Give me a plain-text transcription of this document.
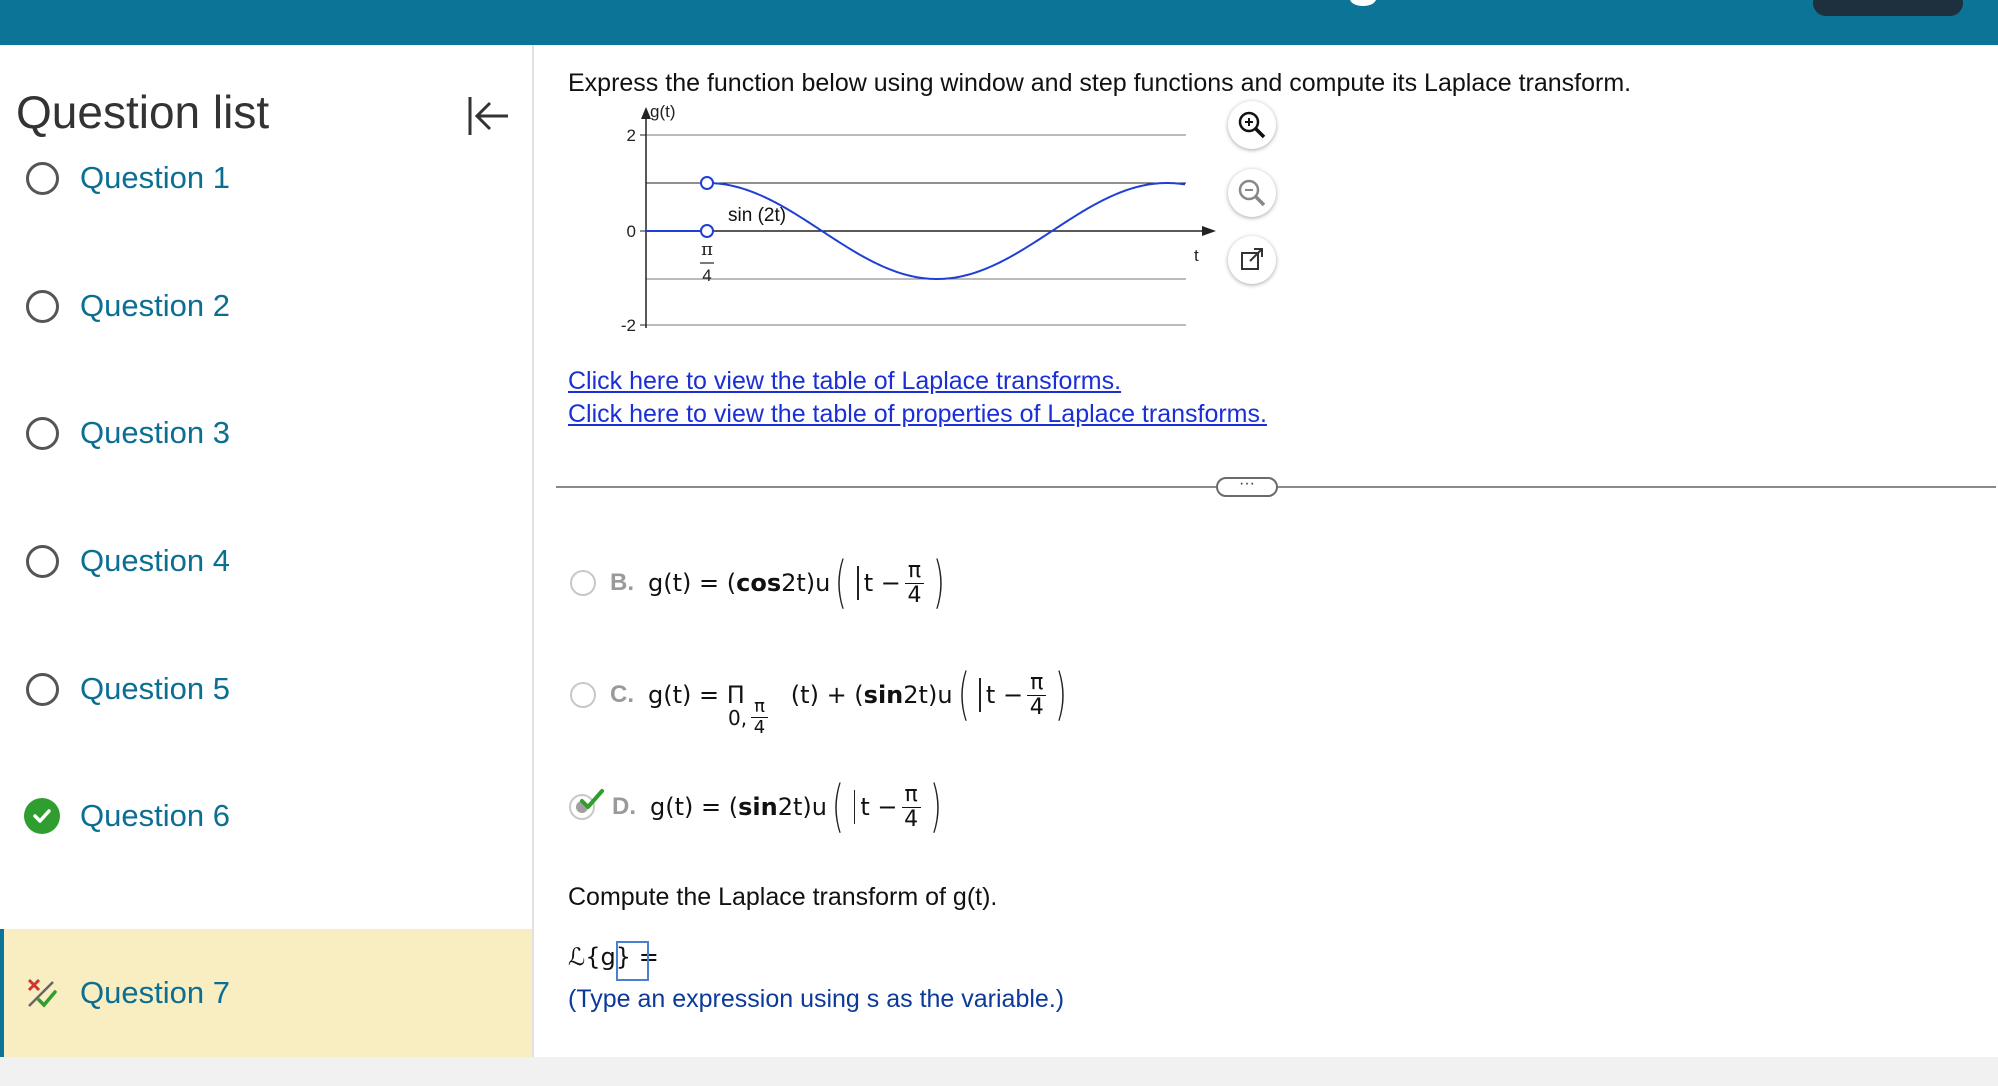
Question list
Question 1
Question 2
Question 3
Question 4
Question 5
Question 6
Question 7
Express the function below using window and step functions and compute its Laplace transform.
g(t)
t
2
0
-2
π
4
sin (2t)
Click here to view the table of Laplace transforms.
Click here to view the table of properties of Laplace transforms.
···
B. g(t) = ( cos 2t)u ( $t - \frac{\pi}{4}$ )
C. g(t) = Π
0, $\frac{\pi}{4}$
(t) + ( sin 2t)u ( $t - \frac{\pi}{4}$ )
D. g(t) = ( sin 2t)u ( $t - \frac{\pi}{4}$ )
Compute the Laplace transform of g(t).
ℒ{g} =
(Type an expression using s as the variable.)
